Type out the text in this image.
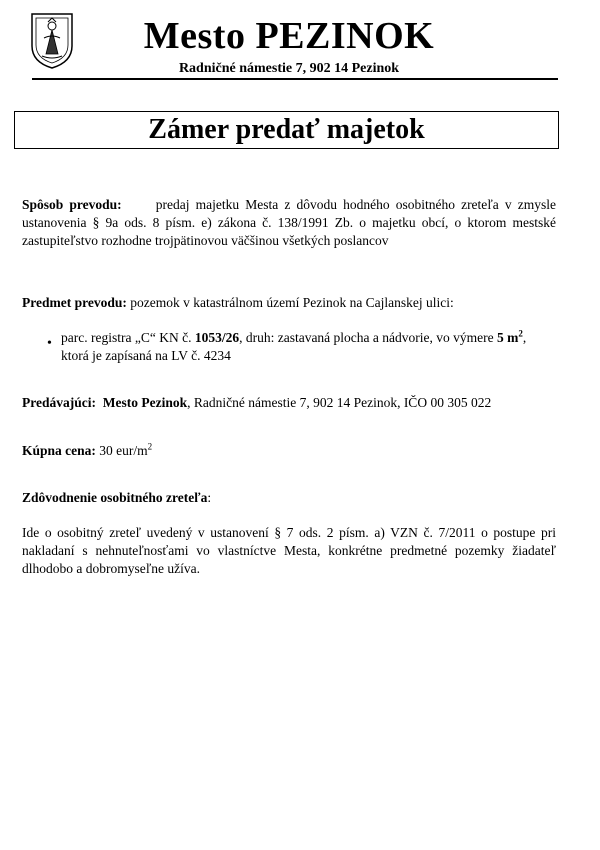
Mesto PEZINOK
Radničné námestie 7, 902 14 Pezinok
Zámer predať majetok
Spôsob prevodu:	predaj majetku Mesta z dôvodu hodného osobitného zreteľa v zmysle ustanovenia § 9a ods. 8 písm. e) zákona č. 138/1991 Zb. o majetku obcí, o ktorom mestské zastupiteľstvo rozhodne trojpätinovou väčšinou všetkých poslancov
Predmet prevodu: pozemok v katastrálnom území Pezinok na Cajlanskej ulici:
• parc. registra „C“ KN č. 1053/26, druh: zastavaná plocha a nádvorie, vo výmere 5 $m^2$,
ktorá je zapísaná na LV č. 4234
Predávajúci: Mesto Pezinok, Radničné námestie 7, 902 14 Pezinok, IČO 00 305 022
Kúpna cena: 30 eur/$m^2$
Zdôvodnenie osobitného zreteľa:
Ide o osobitný zreteľ uvedený v ustanovení § 7 ods. 2 písm. a) VZN č. 7/2011 o postupe pri nakladaní s nehnuteľnosťami vo vlastníctve Mesta, konkrétne predmetné pozemky žiadateľ dlhodobo a dobromyseľne užíva.
